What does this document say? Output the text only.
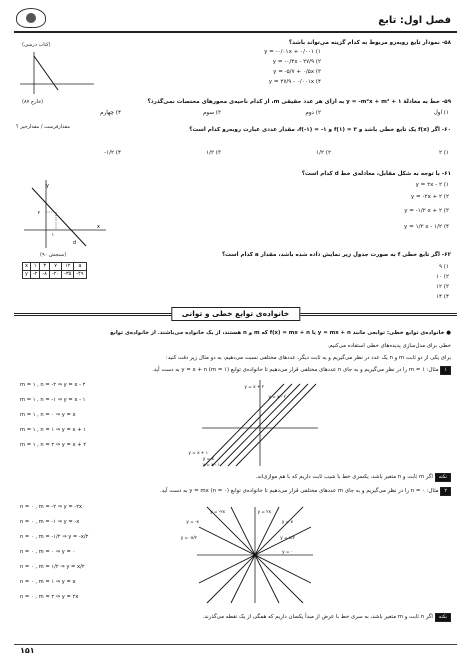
فصل اول: تابع
۵۸- نمودار تابع روبه‌رو مربوط به کدام گزینه می‌تواند باشد؟
y = -۰/۰۱x + ۰/۰۰۱ (۱
y = -۰/۴x - ۲۷/۹ (۲
y = -۵/۷ + ۰/۵x (۳
y = ۲۷/۹ - ۰/۰۰۱x (۴
(کتاب درسی)
۵۹- خط به معادلهٔ y = -m²x + m² + ۱ به ازای هر عدد حقیقی m، از کدام ناحیه‌ی محورهای مختصات نمی‌گذرد؟
(خارج ۸۷)
۱) اول
۲) دوم
۳) سوم
۴) چهارم
۶۰- اگر f(x) یک تابع خطی باشد و f(۱) = ۳ و f(-۱) = -۱، مقدار عددی عبارت روبه‌رو کدام است؟
مقدارفرست / مقدارخیز ؟
۲ (۱
۱/۲ (۲
۱/۲ (۳
-۱/۲ (۴
۶۱- با توجه به شکل مقابل، معادله‌ی خط d کدام است؟
y = ۲x - ۲ (۱
y = -۲x + ۲ (۲
y = -۱/۲ x + ۲ (۳
y = ۱/۲ x - ۱/۲ (۴
y
x
d
۲
۱
۶۲- اگر تابع خطی f به صورت جدول زیر نمایش داده شده باشد، مقدار a کدام است؟
(سنجش ۹۰)
x	۱	۳	۷	۱۲	a
y	-۲	-۸	-۲۰	-۳۵	-۴۹
۹ (۱
۱۰ (۲
۱۲ (۳
۱۴ (۴
خانواده‌ی توابع خطی و توانی
● خانواده‌ی توابع خطی: توابعی مانند y = mx + n یا f(x) = mx + n که m و n هستند، از یک خانواده می‌باشند. از خانواده‌ی توابع
خطی برای مدل‌سازی پدیده‌های خطی استفاده می‌کنیم.
برای یکی از دو ثابت m و n یک عدد در نظر می‌گیریم و به ثابت دیگر، عددهای مختلفی نسبت می‌دهیم، به دو مثال زیر دقت کنید:
۱ مثال: m = ۱ را در نظر می‌گیریم و به جای n عددهای مختلفی قرار می‌دهیم تا خانواده‌ی توابع y = x + n (m = ۱) به دست آید.
m = ۱ , n = -۲ ⇒ y = x - ۲
m = ۱ , n = -۱ ⇒ y = x - ۱
m = ۱ , n = ۰ ⇒ y = x
m = ۱ , n = ۱ ⇒ y = x + ۱
m = ۱ , n = ۲ ⇒ y = x + ۲
y = x + ۲
y = x - ۲
y = x + ۱
y = x
y = x - ۱
نکته اگر m ثابت و n متغیر باشد، یکسری خط با شیب ثابت داریم که با هم موازی‌اند.
۲ مثال: n = ۰ را در نظر می‌گیریم و به جای m عددهای مختلفی قرار می‌دهیم تا خانواده‌ی توابع y = mx (n = ۰) به دست آید.
n = ۰ , m = -۲ ⇒ y = -۲x
n = ۰ , m = -۱ ⇒ y = -x
n = ۰ , m = -۱/۲ ⇒ y = -x/۲
n = ۰ , m = ۰ ⇒ y = ۰
n = ۰ , m = ۱/۲ ⇒ y = x/۲
n = ۰ , m = ۱ ⇒ y = x
n = ۰ , m = ۲ ⇒ y = ۲x
y = -۲x	y = ۲x
y = -x	y = x
y = x/۲
y = -x/۲
y = ۰
نکته اگر n ثابت و m متغیر باشد، به سری خط با عرض از مبدأ یکسان داریم که همگی از یک نقطه می‌گذرند.
۱۵۱
